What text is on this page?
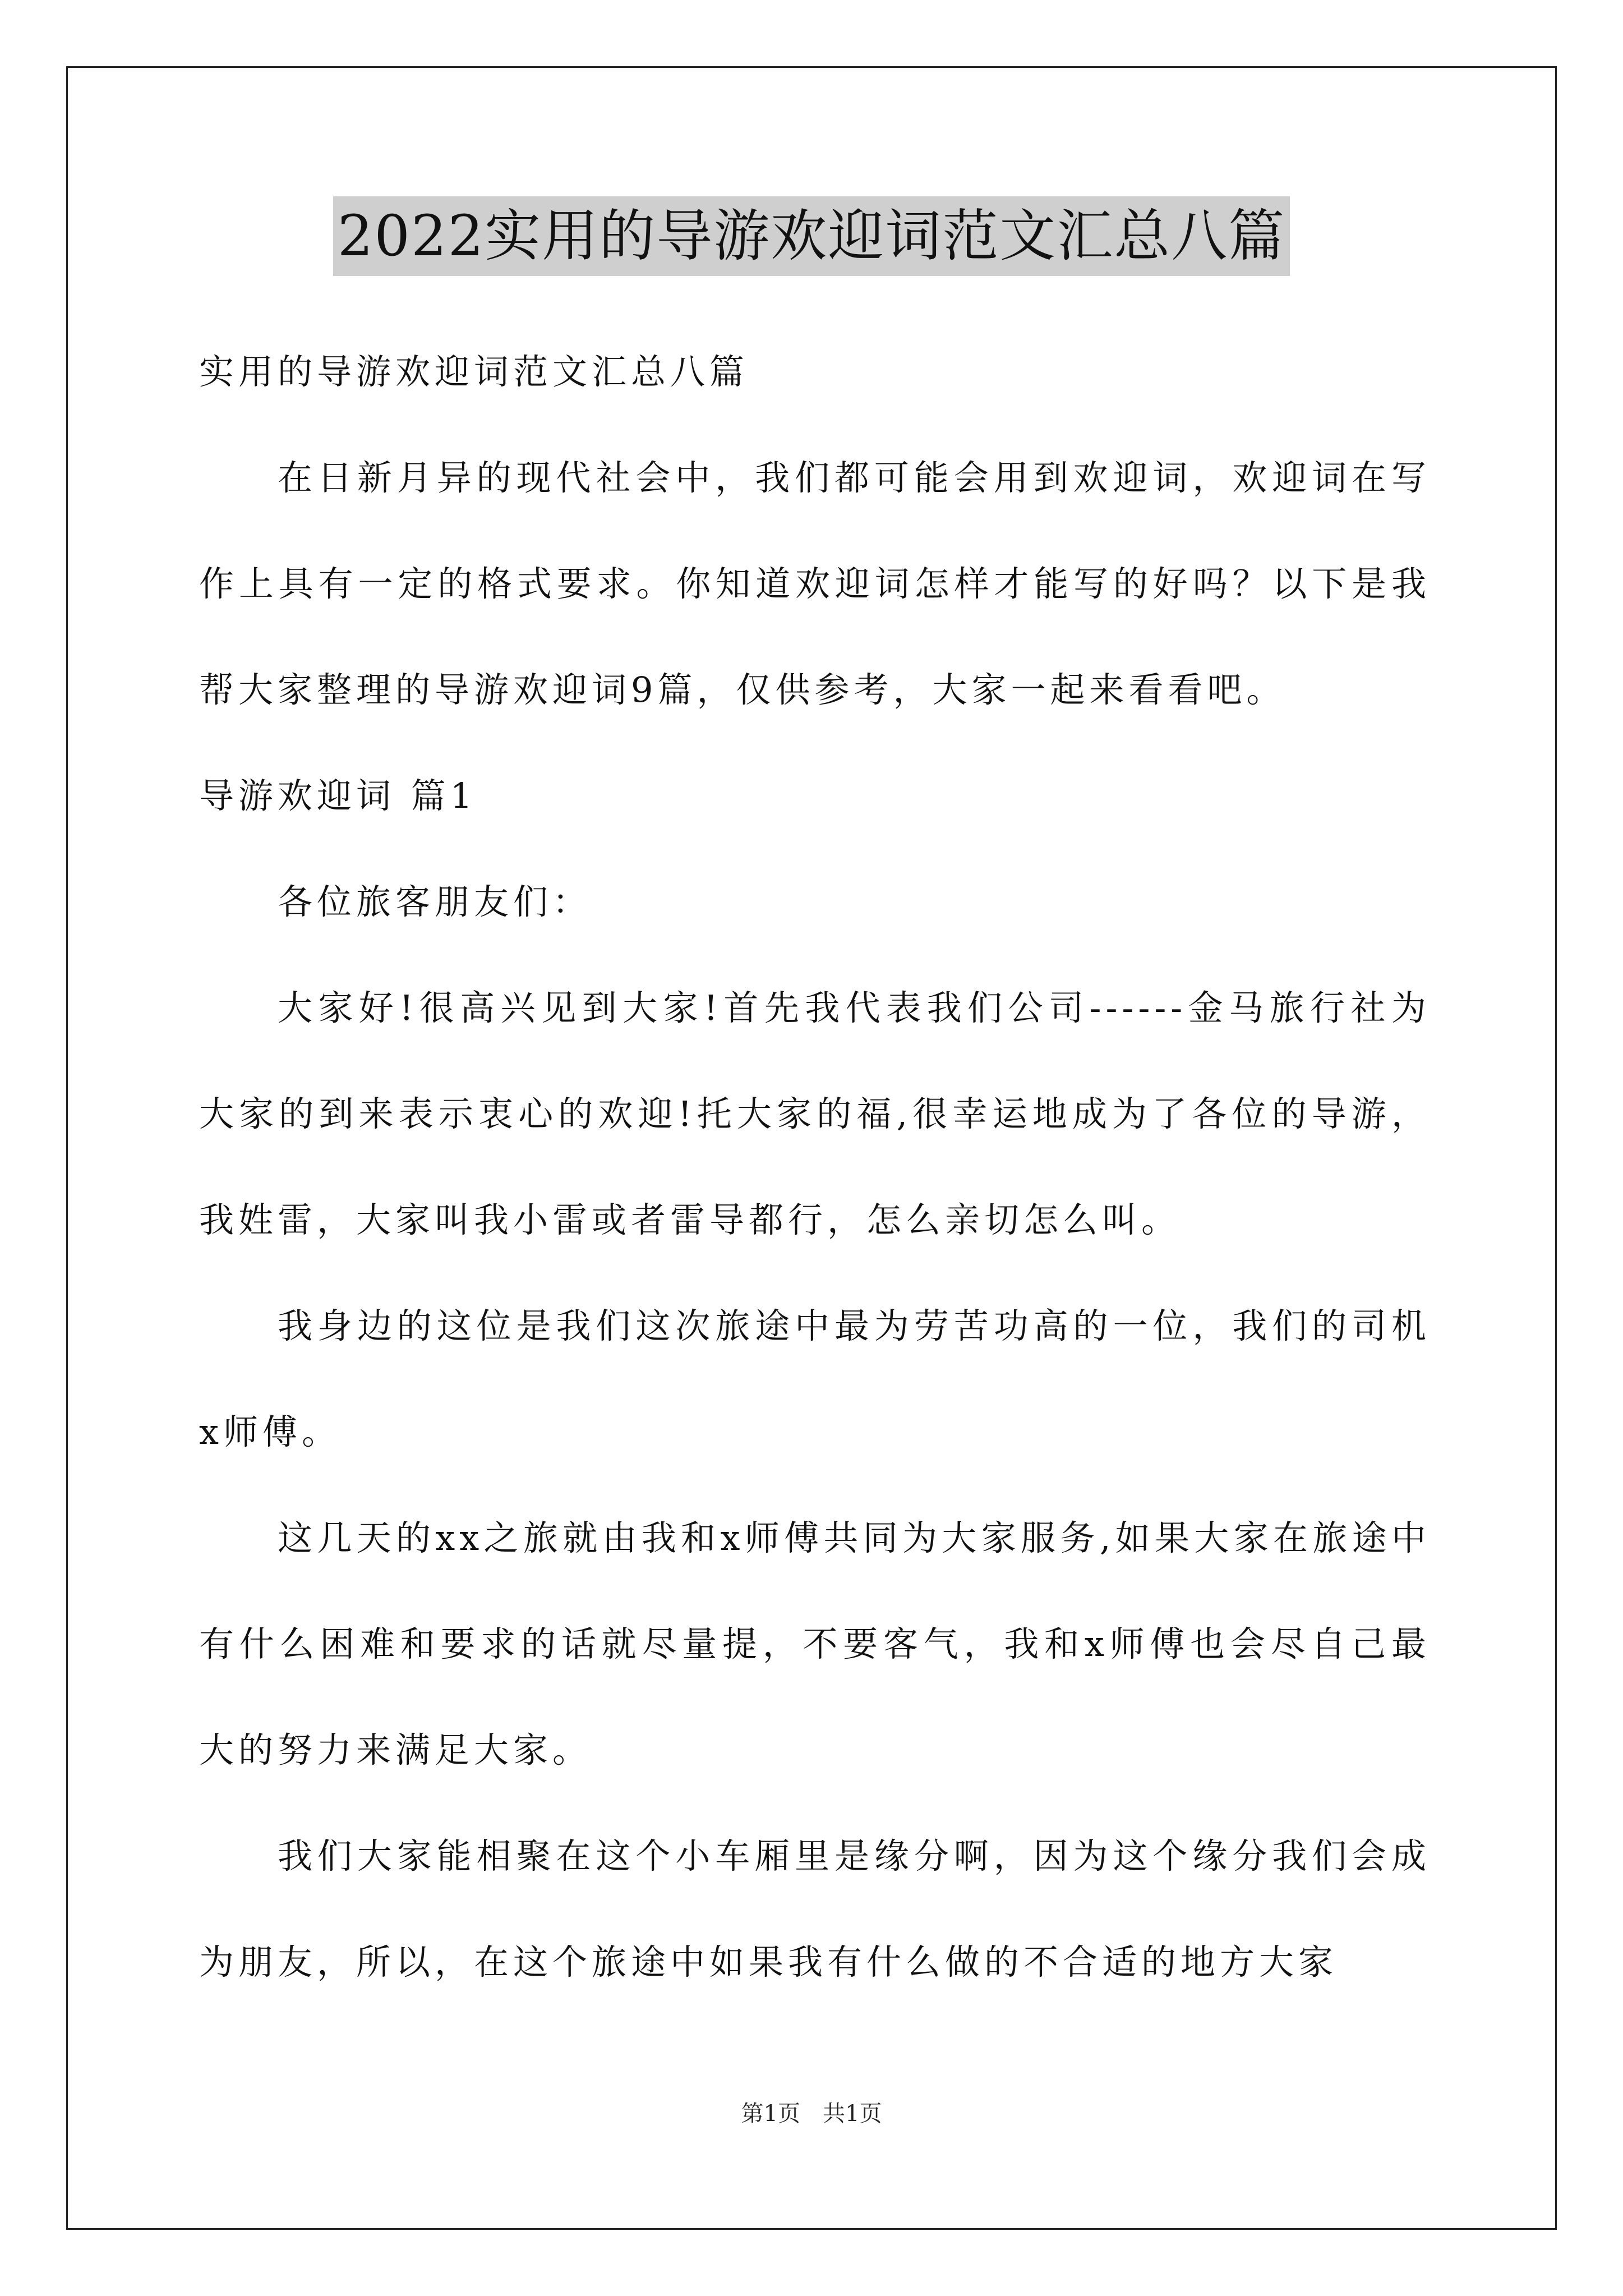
2022实用的导游欢迎词范文汇总八篇

实用的导游欢迎词范文汇总八篇

在日新月异的现代社会中，我们都可能会用到欢迎词，欢迎词在写作上具有一定的格式要求。你知道欢迎词怎样才能写的好吗？以下是我帮大家整理的导游欢迎词9篇，仅供参考，大家一起来看看吧。

导游欢迎词 篇1

各位旅客朋友们：

大家好!很高兴见到大家!首先我代表我们公司------金马旅行社为大家的到来表示衷心的欢迎!托大家的福,很幸运地成为了各位的导游，我姓雷，大家叫我小雷或者雷导都行，怎么亲切怎么叫。

我身边的这位是我们这次旅途中最为劳苦功高的一位，我们的司机x师傅。

这几天的xx之旅就由我和x师傅共同为大家服务,如果大家在旅途中有什么困难和要求的话就尽量提，不要客气，我和x师傅也会尽自己最大的努力来满足大家。

我们大家能相聚在这个小车厢里是缘分啊，因为这个缘分我们会成为朋友，所以，在这个旅途中如果我有什么做的不合适的地方大家

第1页　共1页
